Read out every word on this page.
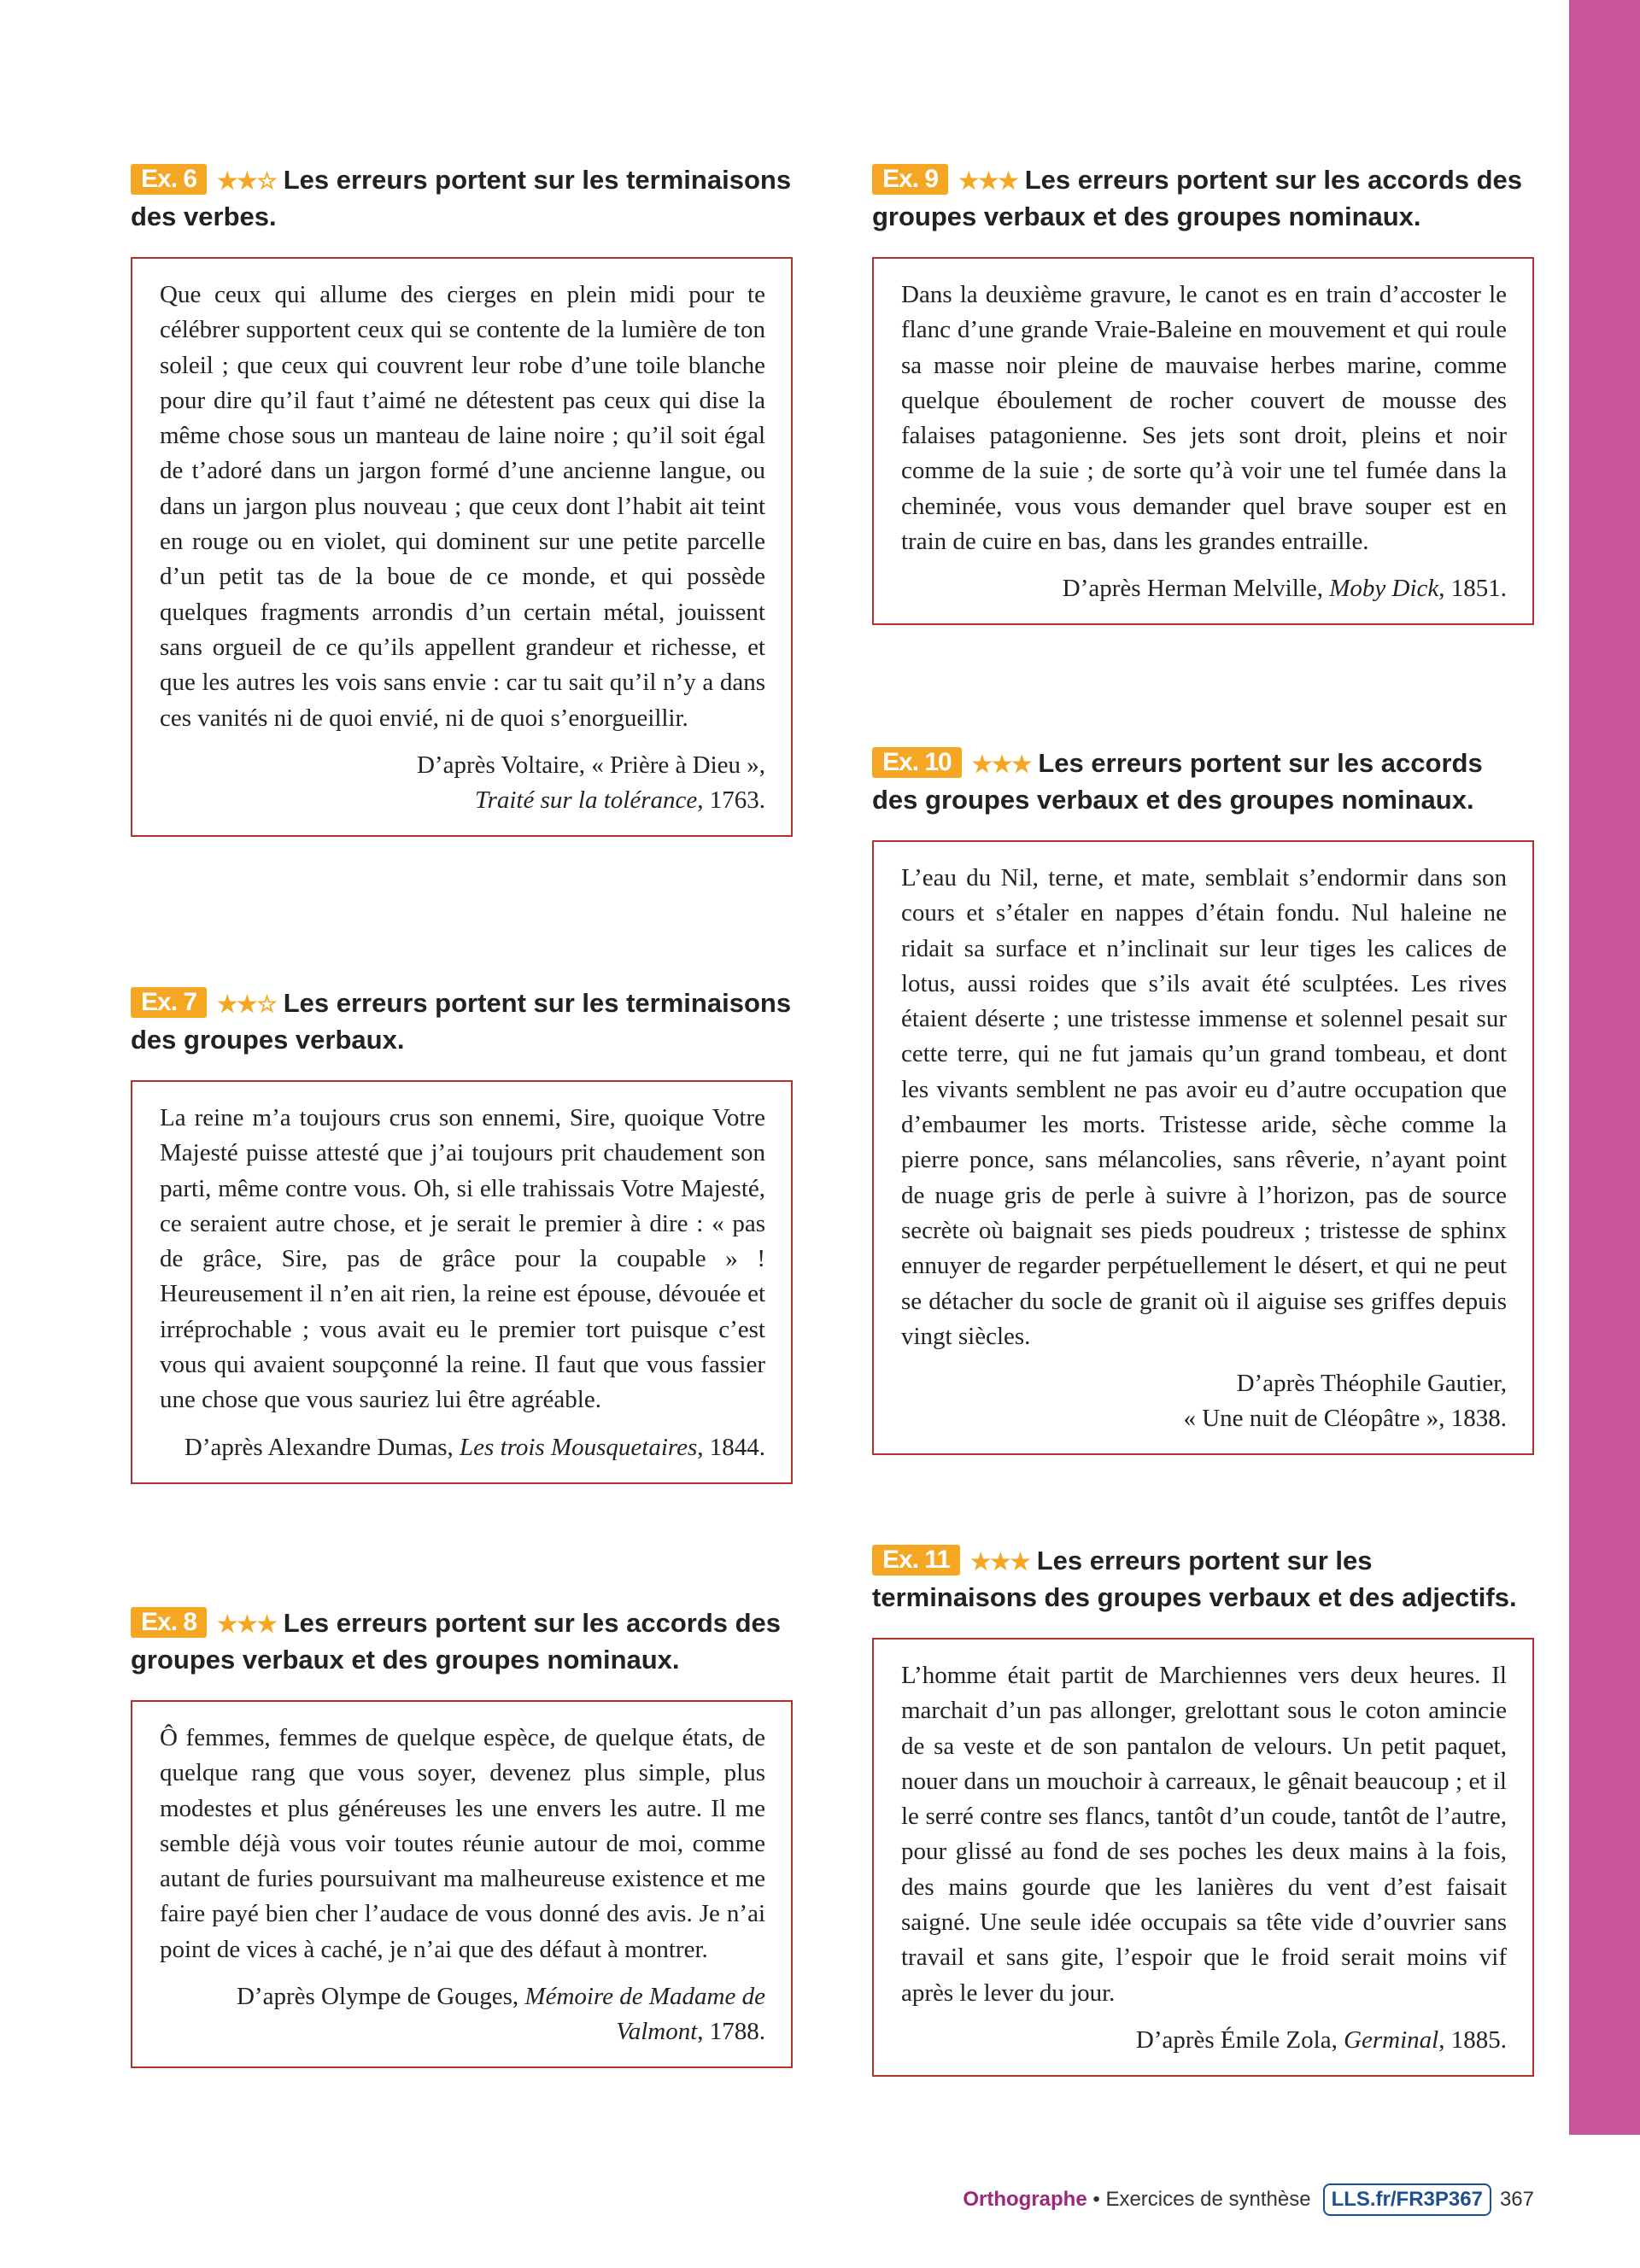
Ex. 6 ★★☆ Les erreurs portent sur les terminaisons des verbes.

Que ceux qui allume des cierges en plein midi pour te célébrer supportent ceux qui se contente de la lumière de ton soleil ; que ceux qui couvrent leur robe d’une toile blanche pour dire qu’il faut t’aimé ne détestent pas ceux qui dise la même chose sous un manteau de laine noire ; qu’il soit égal de t’adoré dans un jargon formé d’une ancienne langue, ou dans un jargon plus nouveau ; que ceux dont l’habit ait teint en rouge ou en violet, qui dominent sur une petite parcelle d’un petit tas de la boue de ce monde, et qui possède quelques fragments arrondis d’un certain métal, jouissent sans orgueil de ce qu’ils appellent grandeur et richesse, et que les autres les vois sans envie : car tu sait qu’il n’y a dans ces vanités ni de quoi envié, ni de quoi s’enorgueillir.

D’après Voltaire, « Prière à Dieu »,
Traité sur la tolérance, 1763.

Ex. 7 ★★☆ Les erreurs portent sur les terminaisons des groupes verbaux.

La reine m’a toujours crus son ennemi, Sire, quoique Votre Majesté puisse attesté que j’ai toujours prit chaudement son parti, même contre vous. Oh, si elle trahissais Votre Majesté, ce seraient autre chose, et je serait le premier à dire : « pas de grâce, Sire, pas de grâce pour la coupable » ! Heureusement il n’en ait rien, la reine est épouse, dévouée et irréprochable ; vous avait eu le premier tort puisque c’est vous qui avaient soupçonné la reine. Il faut que vous fassier une chose que vous sauriez lui être agréable.

D’après Alexandre Dumas, Les trois Mousquetaires, 1844.

Ex. 8 ★★★ Les erreurs portent sur les accords des groupes verbaux et des groupes nominaux.

Ô femmes, femmes de quelque espèce, de quelque états, de quelque rang que vous soyer, devenez plus simple, plus modestes et plus généreuses les une envers les autre. Il me semble déjà vous voir toutes réunie autour de moi, comme autant de furies poursuivant ma malheureuse existence et me faire payé bien cher l’audace de vous donné des avis. Je n’ai point de vices à caché, je n’ai que des défaut à montrer.

D’après Olympe de Gouges, Mémoire de Madame de Valmont, 1788.

Ex. 9 ★★★ Les erreurs portent sur les accords des groupes verbaux et des groupes nominaux.

Dans la deuxième gravure, le canot es en train d’accoster le flanc d’une grande Vraie-Baleine en mouvement et qui roule sa masse noir pleine de mauvaise herbes marine, comme quelque éboulement de rocher couvert de mousse des falaises patagonienne. Ses jets sont droit, pleins et noir comme de la suie ; de sorte qu’à voir une tel fumée dans la cheminée, vous vous demander quel brave souper est en train de cuire en bas, dans les grandes entraille.

D’après Herman Melville, Moby Dick, 1851.

Ex. 10 ★★★ Les erreurs portent sur les accords des groupes verbaux et des groupes nominaux.

L’eau du Nil, terne, et mate, semblait s’endormir dans son cours et s’étaler en nappes d’étain fondu. Nul haleine ne ridait sa surface et n’inclinait sur leur tiges les calices de lotus, aussi roides que s’ils avait été sculptées. Les rives étaient déserte ; une tristesse immense et solennel pesait sur cette terre, qui ne fut jamais qu’un grand tombeau, et dont les vivants semblent ne pas avoir eu d’autre occupation que d’embaumer les morts. Tristesse aride, sèche comme la pierre ponce, sans mélancolies, sans rêverie, n’ayant point de nuage gris de perle à suivre à l’horizon, pas de source secrète où baignait ses pieds poudreux ; tristesse de sphinx ennuyer de regarder perpétuellement le désert, et qui ne peut se détacher du socle de granit où il aiguise ses griffes depuis vingt siècles.

D’après Théophile Gautier,
« Une nuit de Cléopâtre », 1838.

Ex. 11 ★★★ Les erreurs portent sur les terminaisons des groupes verbaux et des adjectifs.

L’homme était partit de Marchiennes vers deux heures. Il marchait d’un pas allonger, grelottant sous le coton amincie de sa veste et de son pantalon de velours. Un petit paquet, nouer dans un mouchoir à carreaux, le gênait beaucoup ; et il le serré contre ses flancs, tantôt d’un coude, tantôt de l’autre, pour glissé au fond de ses poches les deux mains à la fois, des mains gourde que les lanières du vent d’est faisait saigné. Une seule idée occupais sa tête vide d’ouvrier sans travail et sans gite, l’espoir que le froid serait moins vif après le lever du jour.

D’après Émile Zola, Germinal, 1885.

Orthographe • Exercices de synthèse LLS.fr/FR3P367 367
